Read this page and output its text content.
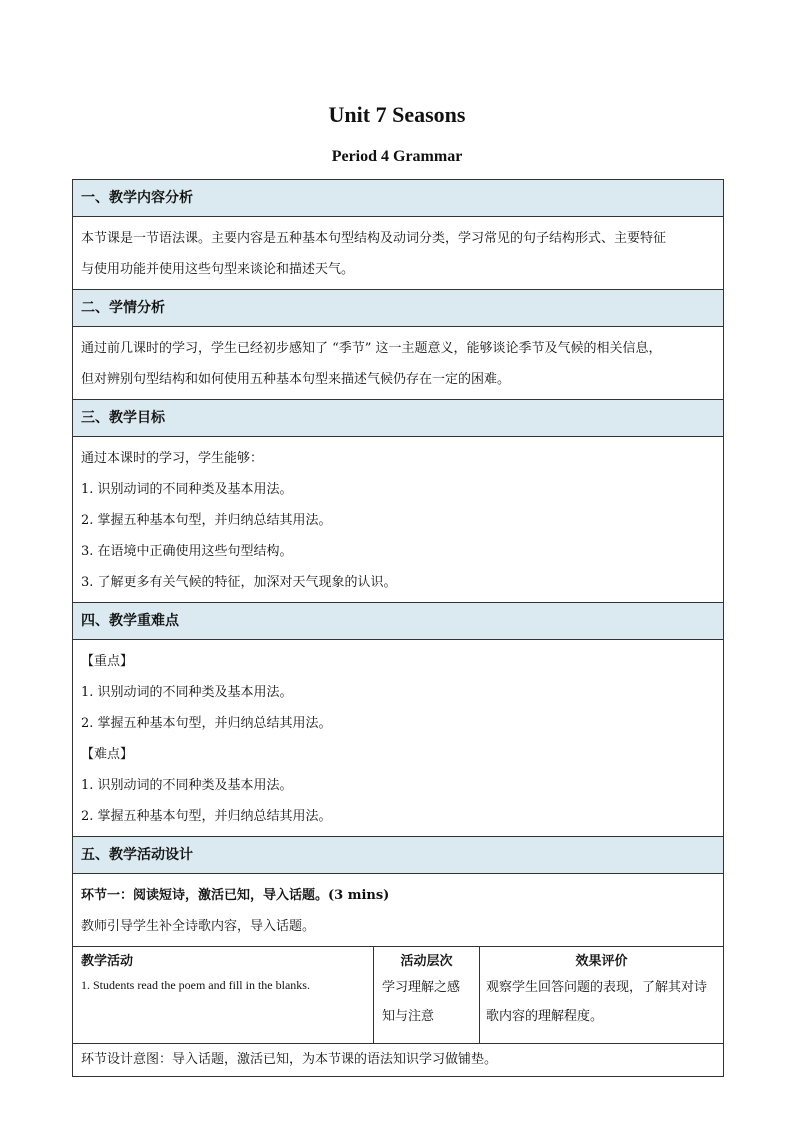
Unit 7 Seasons
Period 4 Grammar
一、教学内容分析
本节课是一节语法课。主要内容是五种基本句型结构及动词分类，学习常见的句子结构形式、主要特征
与使用功能并使用这些句型来谈论和描述天气。
二、学情分析
通过前几课时的学习，学生已经初步感知了 “季节” 这一主题意义，能够谈论季节及气候的相关信息，
但对辨别句型结构和如何使用五种基本句型来描述气候仍存在一定的困难。
三、教学目标
通过本课时的学习，学生能够：
1. 识别动词的不同种类及基本用法。
2. 掌握五种基本句型，并归纳总结其用法。
3. 在语境中正确使用这些句型结构。
3. 了解更多有关气候的特征，加深对天气现象的认识。
四、教学重难点
【重点】
1. 识别动词的不同种类及基本用法。
2. 掌握五种基本句型，并归纳总结其用法。
【难点】
1. 识别动词的不同种类及基本用法。
2. 掌握五种基本句型，并归纳总结其用法。
五、教学活动设计
环节一：阅读短诗，激活已知，导入话题。(3 mins)
教师引导学生补全诗歌内容，导入话题。
教学活动
1. Students read the poem and fill in the blanks.
活动层次
学习理解之感
知与注意
效果评价
观察学生回答问题的表现，了解其对诗
歌内容的理解程度。
环节设计意图：导入话题，激活已知，为本节课的语法知识学习做铺垫。
